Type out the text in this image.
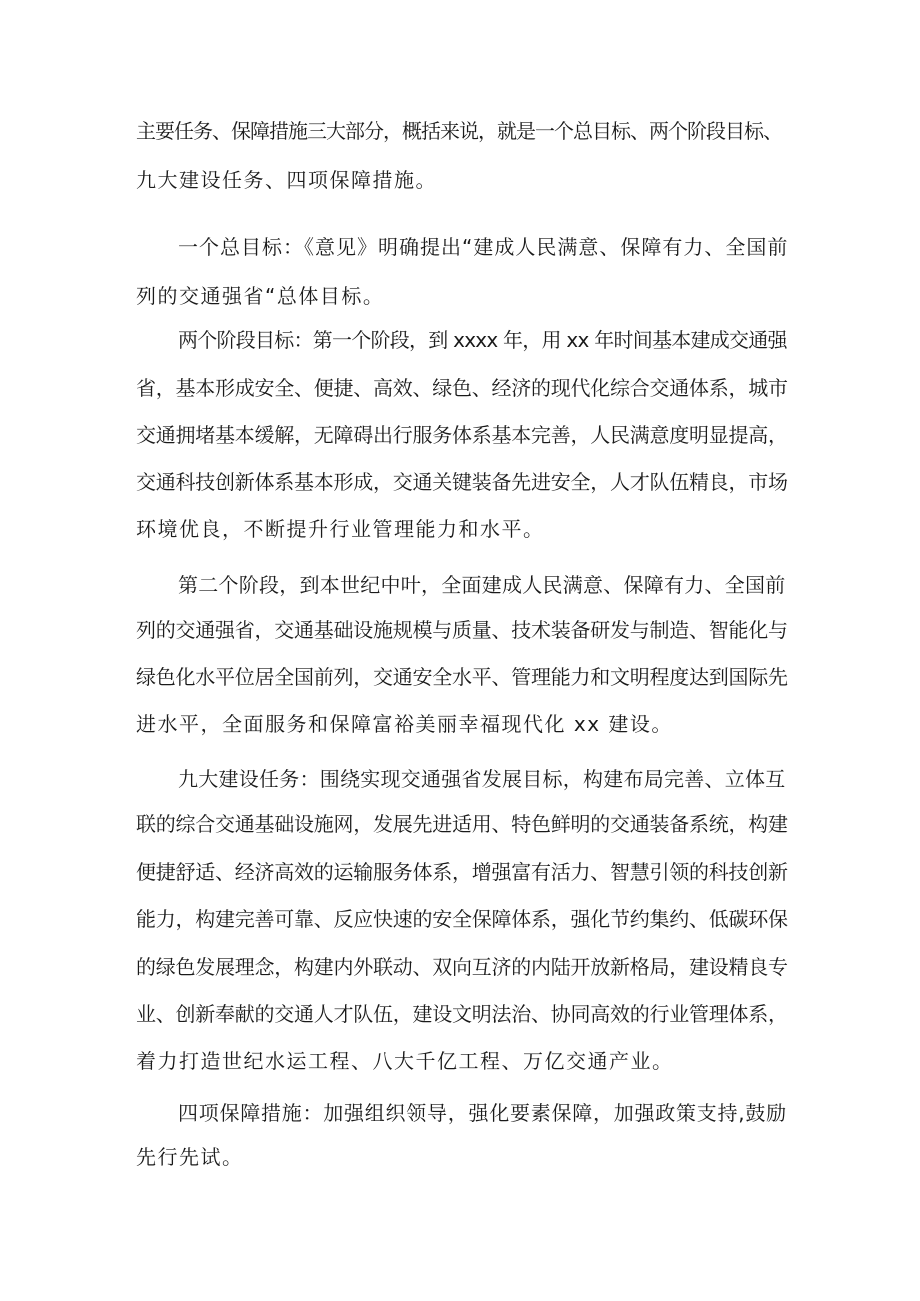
主要任务、保障措施三大部分，概括来说，就是一个总目标、两个阶段目标、
九大建设任务、四项保障措施。
一个总目标：《意见》明确提出“建成人民满意、保障有力、全国前
列的交通强省“总体目标。
两个阶段目标：第一个阶段，到 xxxx 年，用 xx 年时间基本建成交通强
省，基本形成安全、便捷、高效、绿色、经济的现代化综合交通体系，城市
交通拥堵基本缓解，无障碍出行服务体系基本完善，人民满意度明显提高，
交通科技创新体系基本形成，交通关键装备先进安全，人才队伍精良，市场
环境优良，不断提升行业管理能力和水平。
第二个阶段，到本世纪中叶，全面建成人民满意、保障有力、全国前
列的交通强省，交通基础设施规模与质量、技术装备研发与制造、智能化与
绿色化水平位居全国前列，交通安全水平、管理能力和文明程度达到国际先
进水平，全面服务和保障富裕美丽幸福现代化 xx 建设。
九大建设任务：围绕实现交通强省发展目标，构建布局完善、立体互
联的综合交通基础设施网，发展先进适用、特色鲜明的交通装备系统，构建
便捷舒适、经济高效的运输服务体系，增强富有活力、智慧引领的科技创新
能力，构建完善可靠、反应快速的安全保障体系，强化节约集约、低碳环保
的绿色发展理念，构建内外联动、双向互济的内陆开放新格局，建设精良专
业、创新奉献的交通人才队伍，建设文明法治、协同高效的行业管理体系，
着力打造世纪水运工程、八大千亿工程、万亿交通产业。
四项保障措施：加强组织领导，强化要素保障，加强政策支持,鼓励
先行先试。
